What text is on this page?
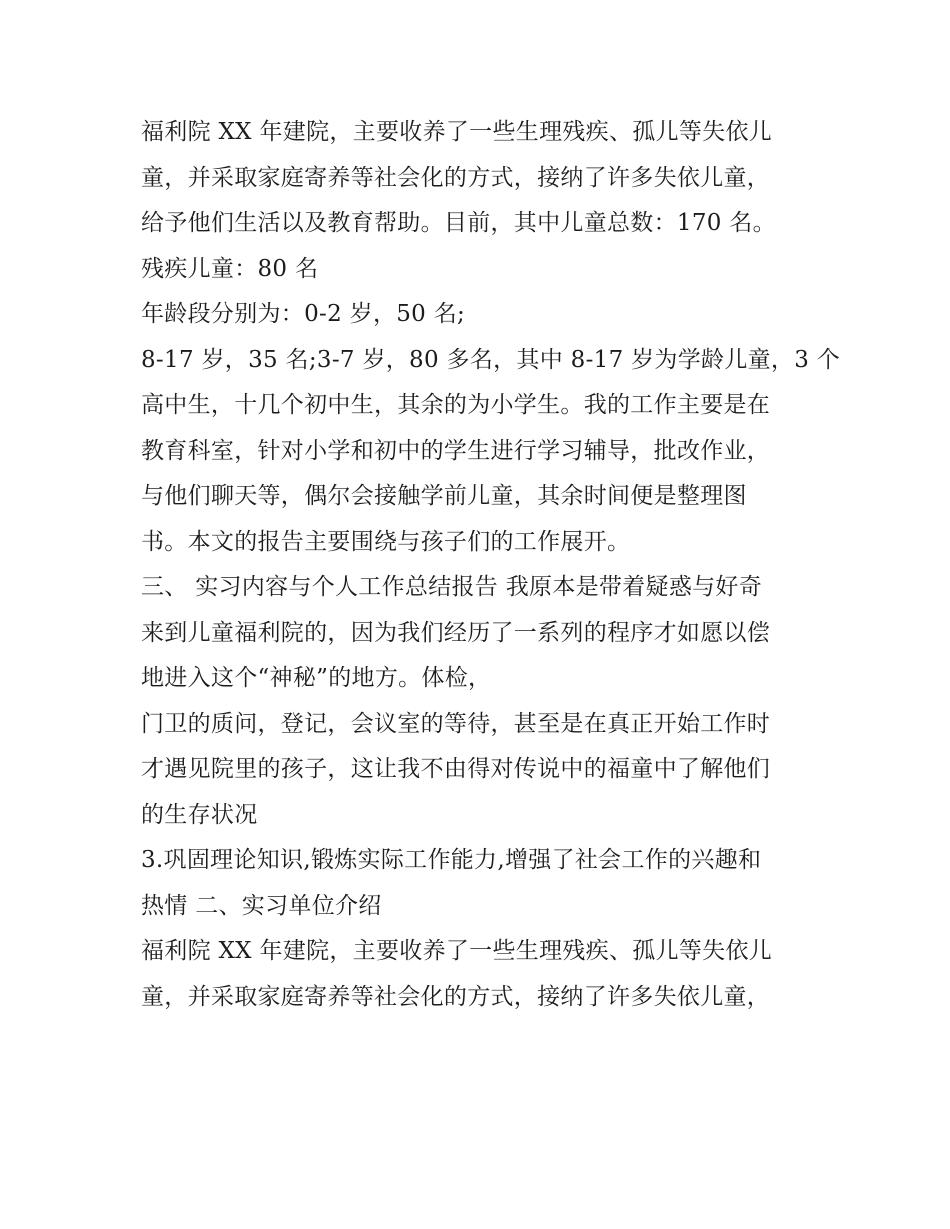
福利院 XX 年建院，主要收养了一些生理残疾、孤儿等失依儿
童，并采取家庭寄养等社会化的方式，接纳了许多失依儿童，
给予他们生活以及教育帮助。目前，其中儿童总数：170 名。
残疾儿童：80 名
年龄段分别为：0-2 岁，50 名;
8-17 岁，35 名;3-7 岁，80 多名，其中 8-17 岁为学龄儿童，3 个
高中生，十几个初中生，其余的为小学生。我的工作主要是在
教育科室，针对小学和初中的学生进行学习辅导，批改作业，
与他们聊天等，偶尔会接触学前儿童，其余时间便是整理图
书。本文的报告主要围绕与孩子们的工作展开。
三、 实习内容与个人工作总结报告 我原本是带着疑惑与好奇
来到儿童福利院的，因为我们经历了一系列的程序才如愿以偿
地进入这个“神秘”的地方。体检，
门卫的质问，登记，会议室的等待，甚至是在真正开始工作时
才遇见院里的孩子，这让我不由得对传说中的福童中了解他们
的生存状况
3.巩固理论知识,锻炼实际工作能力,增强了社会工作的兴趣和
热情 二、实习单位介绍
福利院 XX 年建院，主要收养了一些生理残疾、孤儿等失依儿
童，并采取家庭寄养等社会化的方式，接纳了许多失依儿童，
